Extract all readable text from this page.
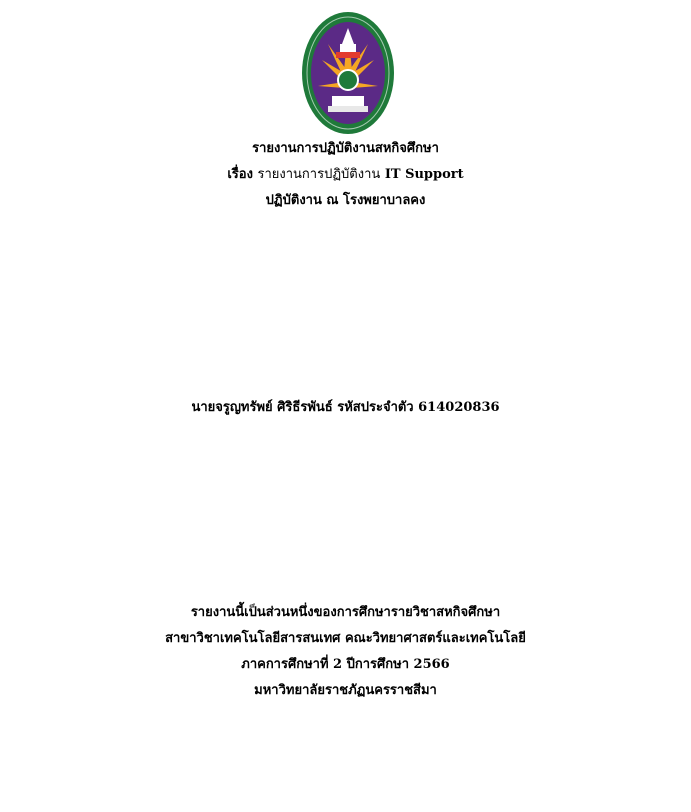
รายงานการปฏิบัติงานสหกิจศึกษา
เรื่อง รายงานการปฏิบัติงาน IT Support
ปฏิบัติงาน ณ โรงพยาบาลคง
นายจรูญทรัพย์ ศิริธีรพันธ์ รหัสประจำตัว 614020836
รายงานนี้เป็นส่วนหนึ่งของการศึกษารายวิชาสหกิจศึกษา
สาขาวิชาเทคโนโลยีสารสนเทศ คณะวิทยาศาสตร์และเทคโนโลยี
ภาคการศึกษาที่ 2 ปีการศึกษา 2566
มหาวิทยาลัยราชภัฏนครราชสีมา
